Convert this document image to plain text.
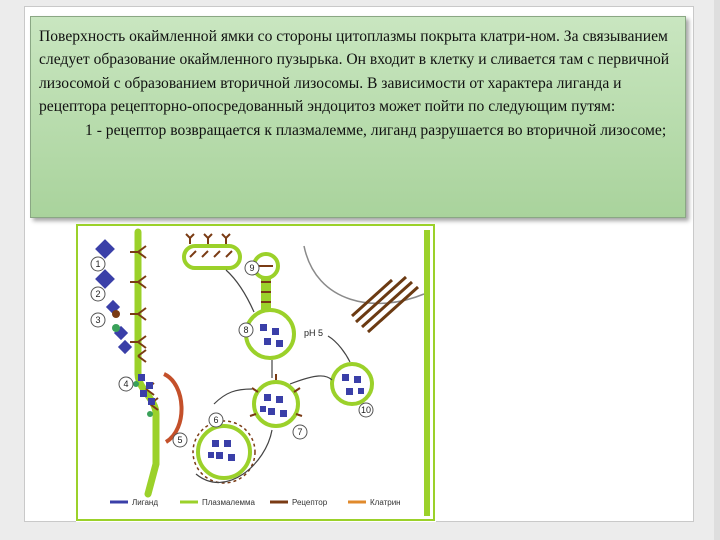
Поверхность окаймленной ямки со стороны цитоплазмы покрыта клатри-ном. За связыванием следует образование окаймленного пузырька. Он входит в клетку и сливается там с первичной лизосомой с образованием вторичной лизосомы. В зависимости от характера лиганда и рецептора рецепторно-опосредованный эндоцитоз может пойти по следующим путям:

1 - рецептор возвращается к плазмалемме, лиганд разрушается во вторичной лизосоме;

1
2
3
4
5
6
7
8
9
10
pH 5
Лиганд	Плазмалемма	Рецептор	Клатрин
